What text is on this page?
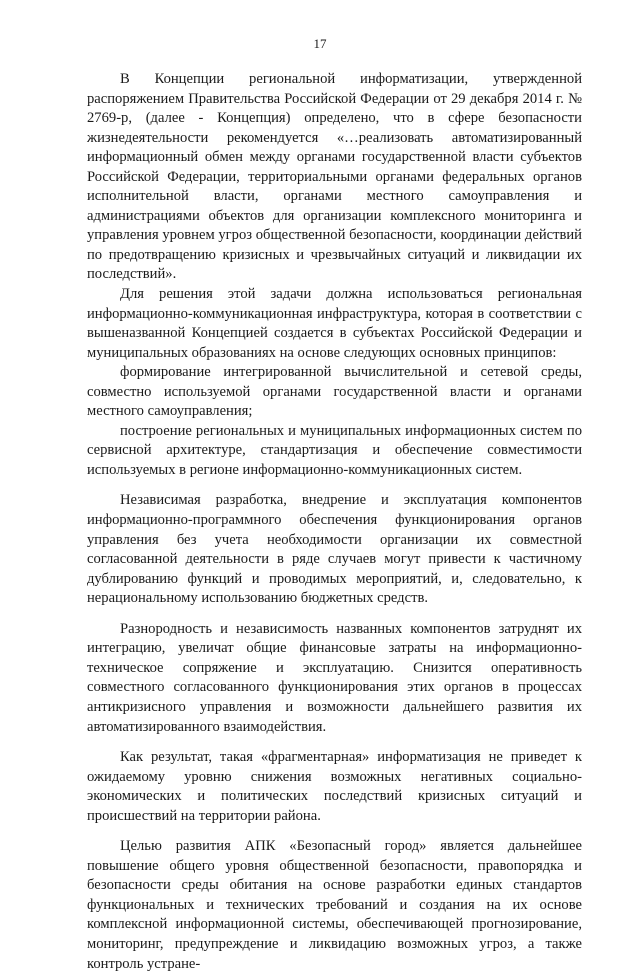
17

В Концепции региональной информатизации, утвержденной распоряжением Правительства Российской Федерации от 29 декабря 2014 г. № 2769-р, (далее - Концепция) определено, что в сфере безопасности жизнедеятельности рекомендуется «…реализовать автоматизированный информационный обмен между органами государственной власти субъектов Российской Федерации, территориальными органами федеральных органов исполнительной власти, органами местного самоуправления и администрациями объектов для организации комплексного мониторинга и управления уровнем угроз общественной безопасности, координации действий по предотвращению кризисных и чрезвычайных ситуаций и ликвидации их последствий».

Для решения этой задачи должна использоваться региональная информационно-коммуникационная инфраструктура, которая в соответствии с вышеназванной Концепцией создается в субъектах Российской Федерации и муниципальных образованиях на основе следующих основных принципов:

формирование интегрированной вычислительной и сетевой среды, совместно используемой органами государственной власти и органами местного самоуправления;

построение региональных и муниципальных информационных систем по сервисной архитектуре, стандартизация и обеспечение совместимости используемых в регионе информационно-коммуникационных систем.

Независимая разработка, внедрение и эксплуатация компонентов информационно-программного обеспечения функционирования органов управления без учета необходимости организации их совместной согласованной деятельности в ряде случаев могут привести к частичному дублированию функций и проводимых мероприятий, и, следовательно, к нерациональному использованию бюджетных средств.

Разнородность и независимость названных компонентов затруднят их интеграцию, увеличат общие финансовые затраты на информационно-техническое сопряжение и эксплуатацию. Снизится оперативность совместного согласованного функционирования этих органов в процессах антикризисного управления и возможности дальнейшего развития их автоматизированного взаимодействия.

Как результат, такая «фрагментарная» информатизация не приведет к ожидаемому уровню снижения возможных негативных социально-экономических и политических последствий кризисных ситуаций и происшествий на территории района.

Целью развития АПК «Безопасный город» является дальнейшее повышение общего уровня общественной безопасности, правопорядка и безопасности среды обитания на основе разработки единых стандартов функциональных и технических требований и создания на их основе комплексной информационной системы, обеспечивающей прогнозирование, мониторинг, предупреждение и ликвидацию возможных угроз, а также контроль устране-
